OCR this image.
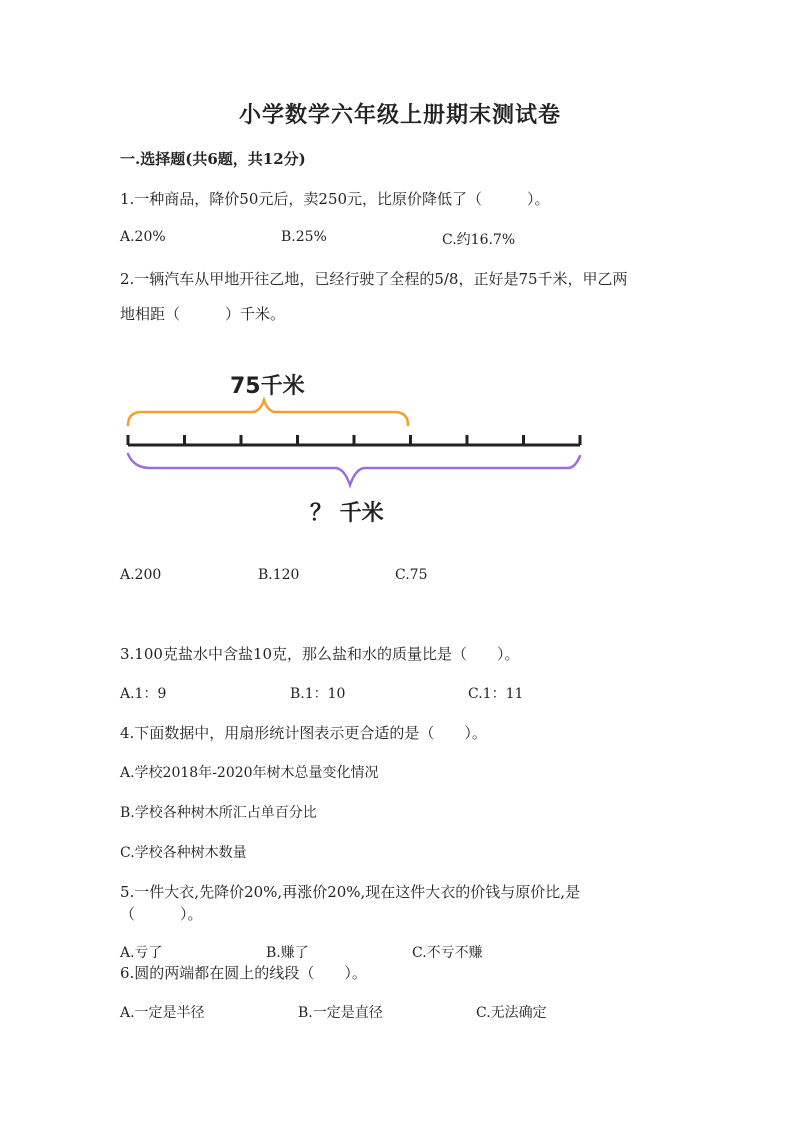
小学数学六年级上册期末测试卷
一.选择题(共6题，共12分)
1.一种商品，降价50元后，卖250元，比原价降低了（　　　）。
A.20%	B.25%	C.约16.7%
2.一辆汽车从甲地开往乙地，已经行驶了全程的5/8，正好是75千米，甲乙两
地相距（　　　）千米。
75千米
？ 千米
A.200	B.120	C.75
3.100克盐水中含盐10克，那么盐和水的质量比是（　　）。
A.1：9	B.1：10	C.1：11
4.下面数据中，用扇形统计图表示更合适的是（　　）。
A.学校2018年-2020年树木总量变化情况
B.学校各种树木所汇占单百分比
C.学校各种树木数量
5.一件大衣,先降价20%,再涨价20%,现在这件大衣的价钱与原价比,是
（　　　）。
A.亏了	B.赚了	C.不亏不赚
6.圆的两端都在圆上的线段（　　）。
A.一定是半径	B.一定是直径	C.无法确定
